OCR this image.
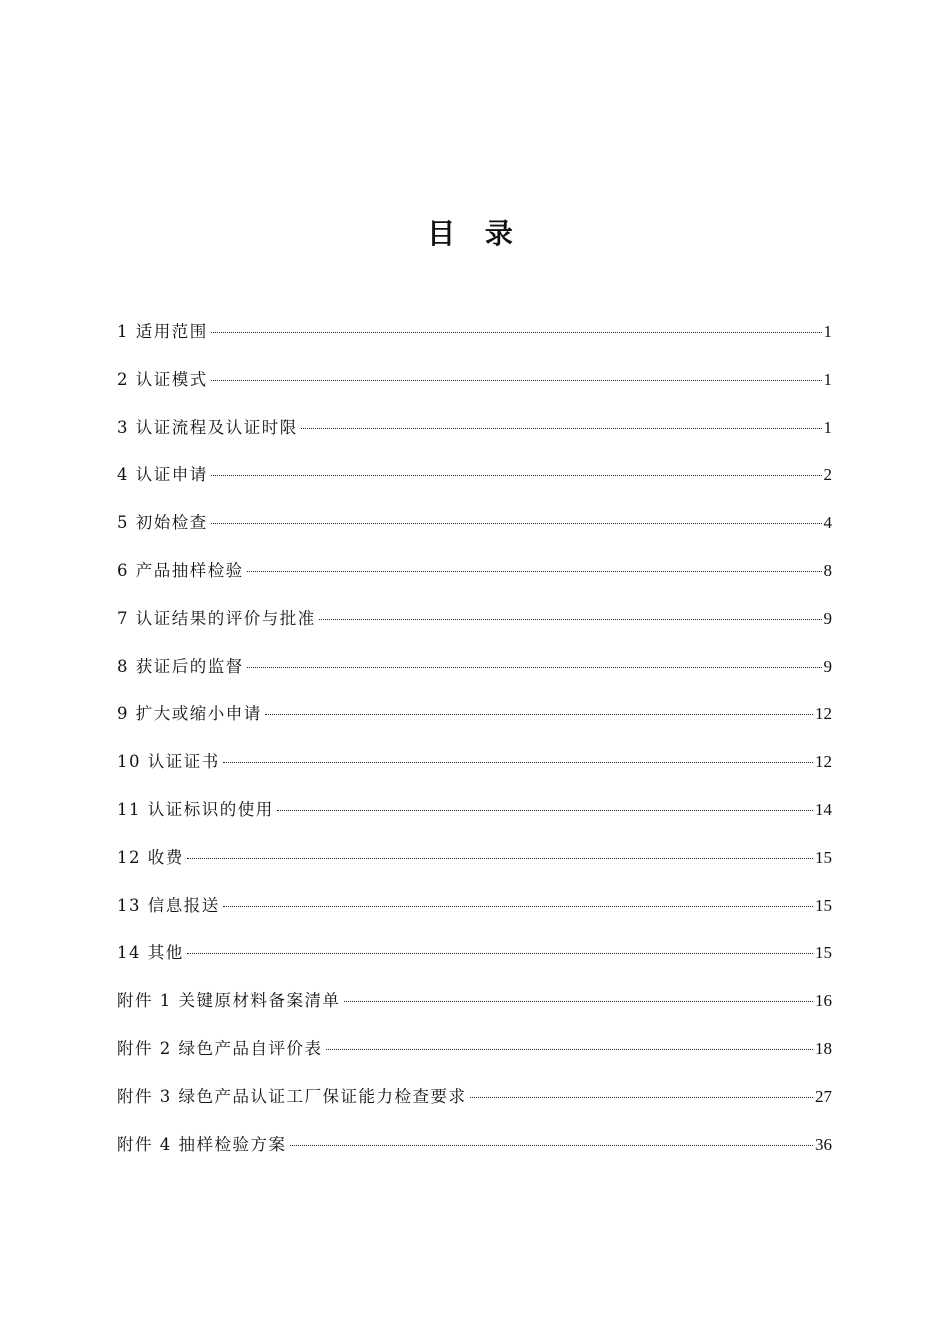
目 录
1 适用范围	1
2 认证模式	1
3 认证流程及认证时限	1
4 认证申请	2
5 初始检查	4
6 产品抽样检验	8
7 认证结果的评价与批准	9
8 获证后的监督	9
9 扩大或缩小申请	12
10 认证证书	12
11 认证标识的使用	14
12 收费	15
13 信息报送	15
14 其他	15
附件 1 关键原材料备案清单	16
附件 2 绿色产品自评价表	18
附件 3 绿色产品认证工厂保证能力检查要求	27
附件 4 抽样检验方案	36
